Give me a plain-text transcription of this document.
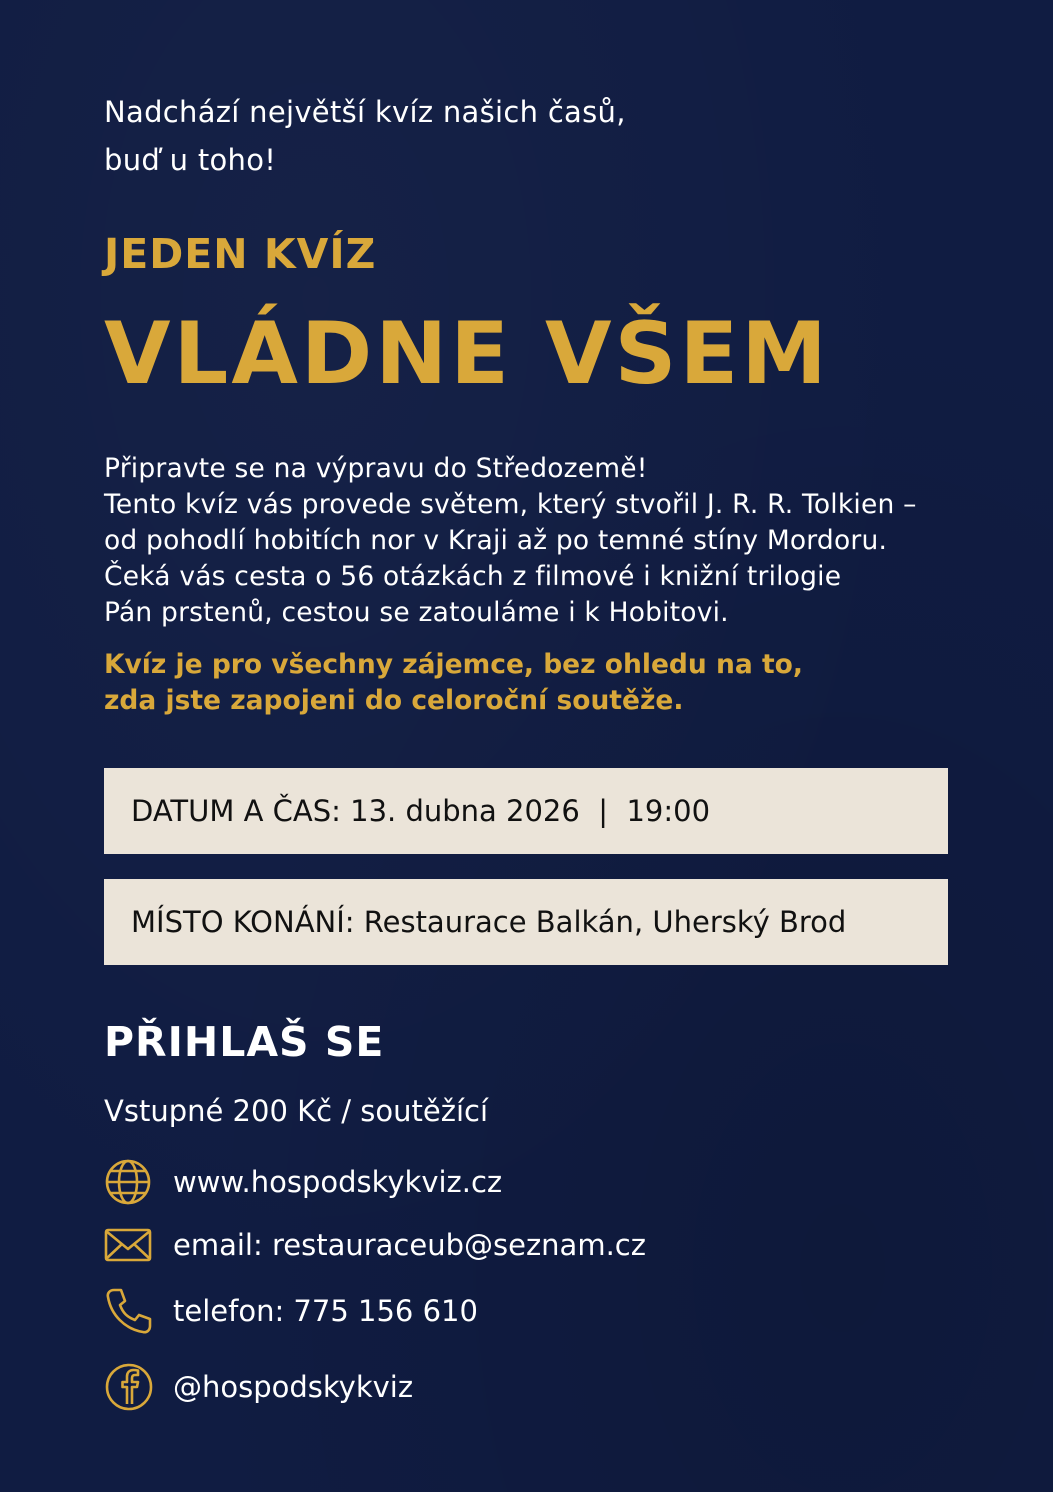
Nadchází největší kvíz našich časů,
buď u toho!
JEDEN KVÍZ
VLÁDNE VŠEM
Připravte se na výpravu do Středozemě!
Tento kvíz vás provede světem, který stvořil J. R. R. Tolkien –
od pohodlí hobitích nor v Kraji až po temné stíny Mordoru.
Čeká vás cesta o 56 otázkách z filmové i knižní trilogie
Pán prstenů, cestou se zatouláme i k Hobitovi.
Kvíz je pro všechny zájemce, bez ohledu na to,
zda jste zapojeni do celoroční soutěže.
DATUM A ČAS: 13. dubna 2026  |  19:00
MÍSTO KONÁNÍ: Restaurace Balkán, Uherský Brod
PŘIHLAŠ SE
Vstupné 200 Kč / soutěžící
www.hospodskykviz.cz
email: restauraceub@seznam.cz
telefon: 775 156 610
@hospodskykviz
